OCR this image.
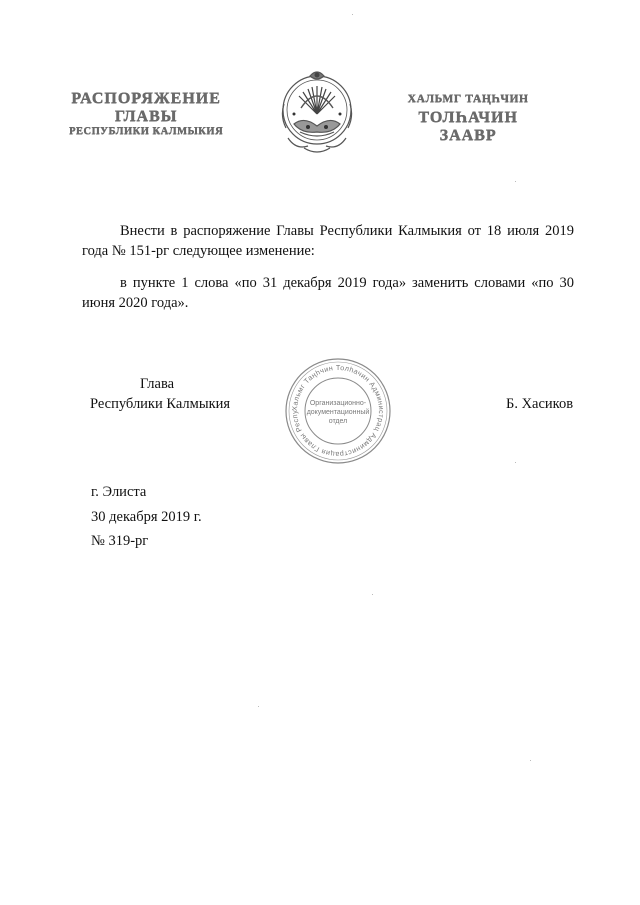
РАСПОРЯЖЕНИЕ
ГЛАВЫ
РЕСПУБЛИКИ КАЛМЫКИЯ
ХАЛЬМГ ТАҢҺЧИН
ТОЛҺАЧИН
ЗААВР
Внести в распоряжение Главы Республики Калмыкия от 18 июля 2019 года № 151-рг следующее изменение:
в пункте 1 слова «по 31 декабря 2019 года» заменить словами «по 30 июня 2020 года».
Глава
Республики Калмыкия	Б. Хасиков
Хальмг Таңһчин Толһачин Администрац Администрация Главы Респу
Организационно-
документационный
отдел
г. Элиста
30 декабря 2019 г.
№ 319-рг
